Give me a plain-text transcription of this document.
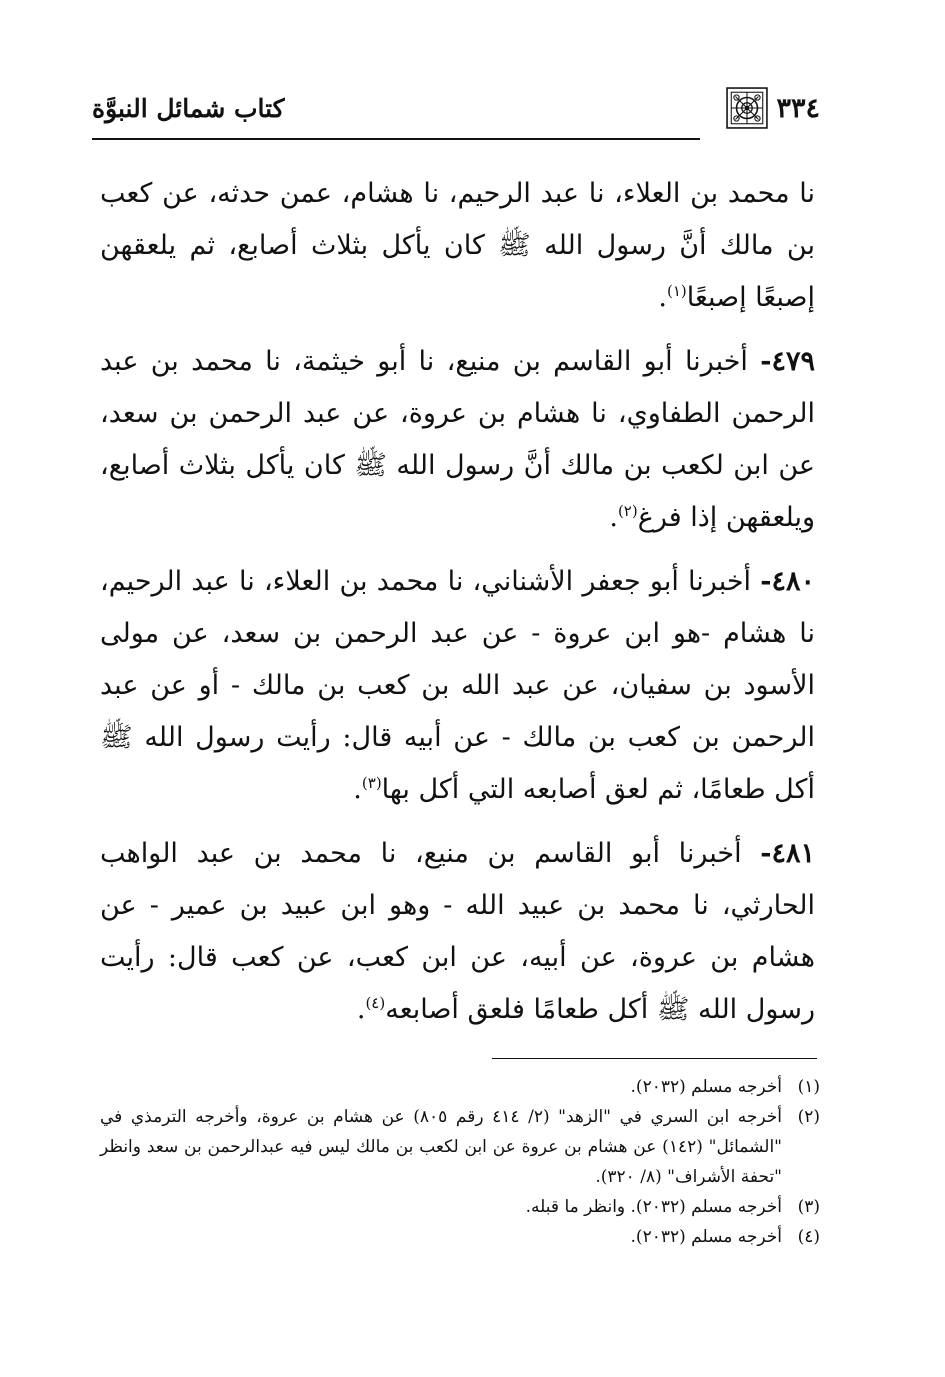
٣٣٤
كتاب شمائل النبوَّة

نا محمد بن العلاء، نا عبد الرحيم، نا هشام، عمن حدثه، عن كعب بن مالك أنَّ رسول الله ﷺ كان يأكل بثلاث أصابع، ثم يلعقهن إصبعًا إصبعًا$^{(١)}$.

٤٧٩- أخبرنا أبو القاسم بن منيع، نا أبو خيثمة، نا محمد بن عبد الرحمن الطفاوي، نا هشام بن عروة، عن عبد الرحمن بن سعد، عن ابن لكعب بن مالك أنَّ رسول الله ﷺ كان يأكل بثلاث أصابع، ويلعقهن إذا فرغ$^{(٢)}$.

٤٨٠- أخبرنا أبو جعفر الأشناني، نا محمد بن العلاء، نا عبد الرحيم، نا هشام -هو ابن عروة - عن عبد الرحمن بن سعد، عن مولى الأسود بن سفيان، عن عبد الله بن كعب بن مالك - أو عن عبد الرحمن بن كعب بن مالك - عن أبيه قال: رأيت رسول الله ﷺ أكل طعامًا، ثم لعق أصابعه التي أكل بها$^{(٣)}$.

٤٨١- أخبرنا أبو القاسم بن منيع، نا محمد بن عبد الواهب الحارثي، نا محمد بن عبيد الله - وهو ابن عبيد بن عمير - عن هشام بن عروة، عن أبيه، عن ابن كعب، عن كعب قال: رأيت رسول الله ﷺ أكل طعامًا فلعق أصابعه$^{(٤)}$.

(١)
أخرجه مسلم (٢٠٣٢).
(٢)
أخرجه ابن السري في "الزهد" (٢/ ٤١٤ رقم ٨٠٥) عن هشام بن عروة، وأخرجه الترمذي في "الشمائل" (١٤٢) عن هشام بن عروة عن ابن لكعب بن مالك ليس فيه عبدالرحمن بن سعد وانظر "تحفة الأشراف" (٨/ ٣٢٠).
(٣)
أخرجه مسلم (٢٠٣٢). وانظر ما قبله.
(٤)
أخرجه مسلم (٢٠٣٢).
